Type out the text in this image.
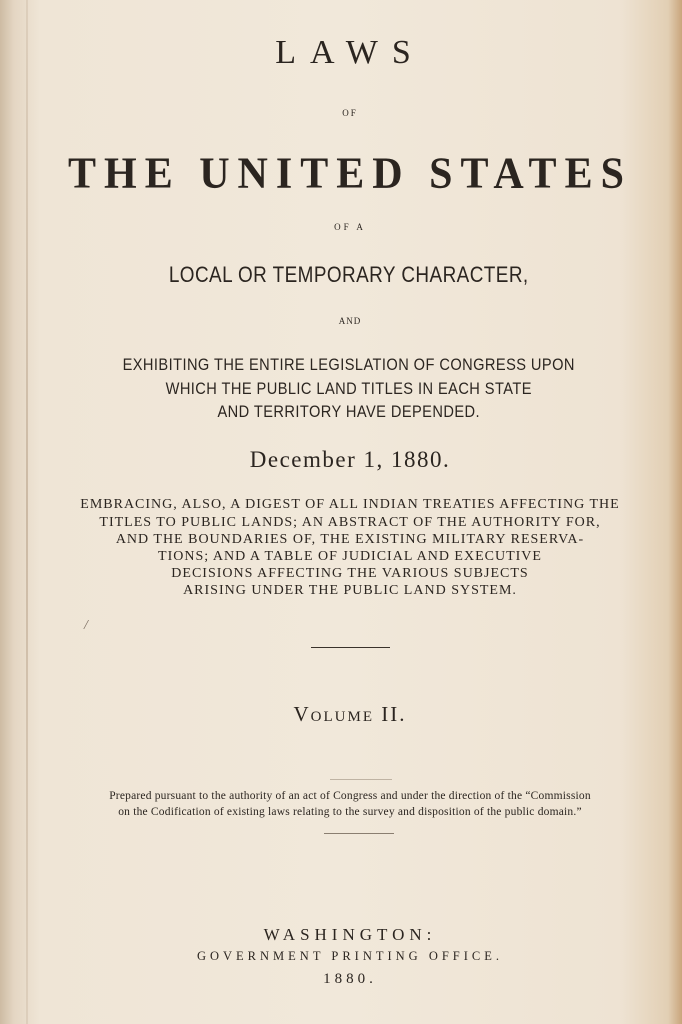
LAWS
OF
THE UNITED STATES
OF A
LOCAL OR TEMPORARY CHARACTER,
AND
EXHIBITING THE ENTIRE LEGISLATION OF CONGRESS UPON
WHICH THE PUBLIC LAND TITLES IN EACH STATE
AND TERRITORY HAVE DEPENDED.
December 1, 1880.
EMBRACING, ALSO, A DIGEST OF ALL INDIAN TREATIES AFFECTING THE
TITLES TO PUBLIC LANDS; AN ABSTRACT OF THE AUTHORITY FOR,
AND THE BOUNDARIES OF, THE EXISTING MILITARY RESERVA-
TIONS; AND A TABLE OF JUDICIAL AND EXECUTIVE
DECISIONS AFFECTING THE VARIOUS SUBJECTS
ARISING UNDER THE PUBLIC LAND SYSTEM.
/
VOLUME II.
Prepared pursuant to the authority of an act of Congress and under the direction of the “Commission
on the Codification of existing laws relating to the survey and disposition of the public domain.”
WASHINGTON:
GOVERNMENT PRINTING OFFICE.
1880.
